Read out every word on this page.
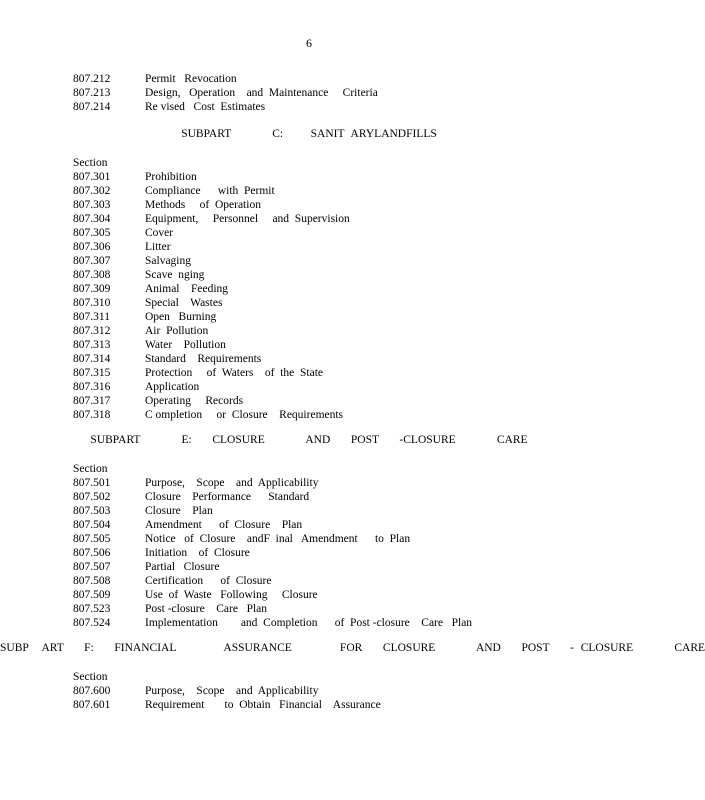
6
807.212	Permit   Revocation
807.213	Design,   Operation    and  Maintenance     Criteria
807.214	Re vised   Cost  Estimates
SUBPART      C:    SANIT ARYLANDFILLS
Section
807.301	Prohibition
807.302	Compliance      with  Permit
807.303	Methods     of  Operation
807.304	Equipment,     Personnel     and  Supervision
807.305	Cover
807.306	Litter
807.307	Salvaging
807.308	Scave  nging
807.309	Animal    Feeding
807.310	Special    Wastes
807.311	Open   Burning
807.312	Air  Pollution
807.313	Water    Pollution
807.314	Standard    Requirements
807.315	Protection     of  Waters    of  the  State
807.316	Application
807.317	Operating     Records
807.318	C ompletion     or  Closure    Requirements
SUBPART      E:   CLOSURE      AND   POST   -CLOSURE      CARE
Section
807.501	Purpose,    Scope    and  Applicability
807.502	Closure    Performance      Standard
807.503	Closure    Plan
807.504	Amendment      of  Closure    Plan
807.505	Notice   of  Closure    andF  inal   Amendment      to  Plan
807.506	Initiation    of  Closure
807.507	Partial   Closure
807.508	Certification      of  Closure
807.509	Use  of  Waste   Following     Closure
807.523	Post -closure    Care   Plan
807.524	Implementation        and  Completion      of  Post -closure    Care   Plan
SUBP  ART   F:   FINANCIAL       ASSURANCE       FOR   CLOSURE      AND   POST   - CLOSURE      CARE
Section
807.600	Purpose,    Scope    and  Applicability
807.601	Requirement       to  Obtain   Financial    Assurance
